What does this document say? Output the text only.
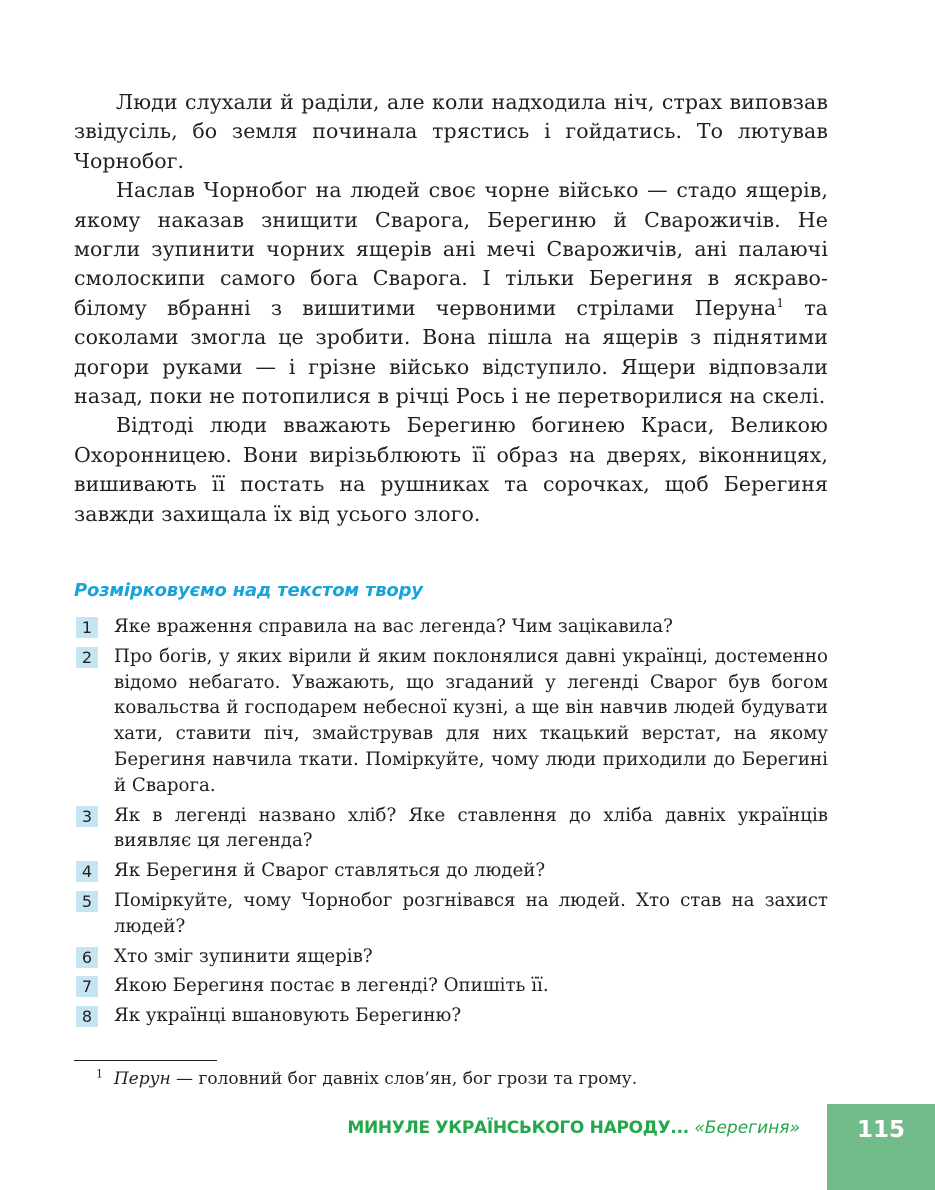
Люди слухали й раділи, але коли надходила ніч, страх виповзав звідусіль, бо земля починала трястись і гойдатись. То лютував Чорнобог.

Наслав Чорнобог на людей своє чорне військо — стадо ящерів, якому наказав знищити Сварога, Берегиню й Сварожичів. Не могли зупинити чорних ящерів ані мечі Сварожичів, ані палаючі смолоскипи самого бога Сварога. І тільки Берегиня в яскраво-білому вбранні з вишитими червоними стрілами Перуна$^1$ та соколами змогла це зробити. Вона пішла на ящерів з піднятими догори руками — і грізне військо відступило. Ящери відповзали назад, поки не потопилися в річці Рось і не перетворилися на скелі.

Відтоді люди вважають Берегиню богинею Краси, Великою Охоронницею. Вони вирізьблюють її образ на дверях, віконницях, вишивають її постать на рушниках та сорочках, щоб Берегиня завжди захищала їх від усього злого.

Розмірковуємо над текстом твору
1	Яке враження справила на вас легенда? Чим зацікавила?
2	Про богів, у яких вірили й яким поклонялися давні українці, достеменно відомо небагато. Уважають, що згаданий у легенді Сварог був богом ковальства й господарем небесної кузні, а ще він навчив людей будувати хати, ставити піч, змайстрував для них ткацький верстат, на якому Берегиня навчила ткати. Поміркуйте, чому люди приходили до Берегині й Сварога.
3	Як в легенді названо хліб? Яке ставлення до хліба давніх українців виявляє ця легенда?
4	Як Берегиня й Сварог ставляться до людей?
5	Поміркуйте, чому Чорнобог розгнівався на людей. Хто став на захист людей?
6	Хто зміг зупинити ящерів?
7	Якою Берегиня постає в легенді? Опишіть її.
8	Як українці вшановують Берегиню?
$^1$ Перун — головний бог давніх слов’ян, бог грози та грому.
МИНУЛЕ УКРАЇНСЬКОГО НАРОДУ... «Берегиня»	115
